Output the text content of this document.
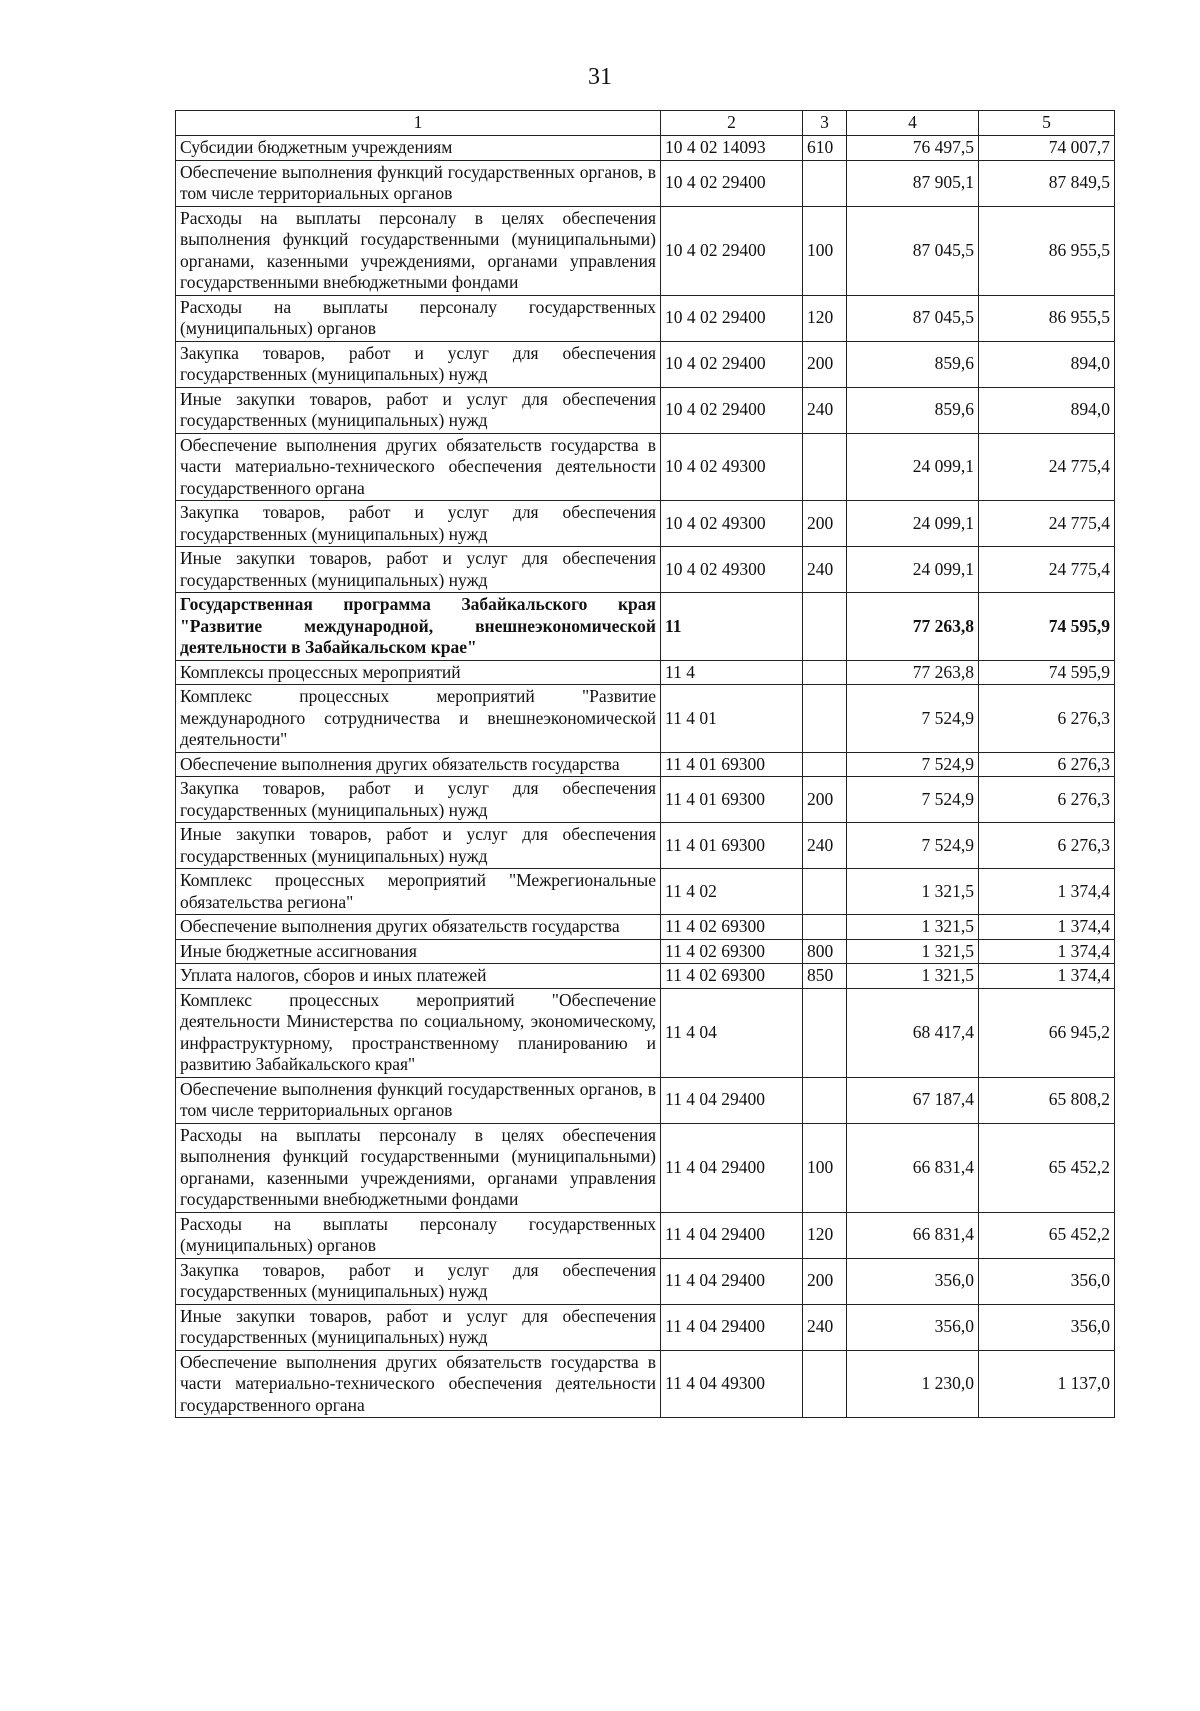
31
1	2	3	4	5
Субсидии бюджетным учреждениям	10 4 02 14093	610	76 497,5	74 007,7
Обеспечение выполнения функций государственных органов, в том числе территориальных органов	10 4 02 29400		87 905,1	87 849,5
Расходы на выплаты персоналу в целях обеспечения выполнения функций государственными (муниципальными) органами, казенными учреждениями, органами управления государственными внебюджетными фондами	10 4 02 29400	100	87 045,5	86 955,5
Расходы на выплаты персоналу государственных (муниципальных) органов	10 4 02 29400	120	87 045,5	86 955,5
Закупка товаров, работ и услуг для обеспечения государственных (муниципальных) нужд	10 4 02 29400	200	859,6	894,0
Иные закупки товаров, работ и услуг для обеспечения государственных (муниципальных) нужд	10 4 02 29400	240	859,6	894,0
Обеспечение выполнения других обязательств государства в части материально-технического обеспечения деятельности государственного органа	10 4 02 49300		24 099,1	24 775,4
Закупка товаров, работ и услуг для обеспечения государственных (муниципальных) нужд	10 4 02 49300	200	24 099,1	24 775,4
Иные закупки товаров, работ и услуг для обеспечения государственных (муниципальных) нужд	10 4 02 49300	240	24 099,1	24 775,4
Государственная программа Забайкальского края "Развитие международной, внешнеэкономической деятельности в Забайкальском крае"	11		77 263,8	74 595,9
Комплексы процессных мероприятий	11 4		77 263,8	74 595,9
Комплекс процессных мероприятий "Развитие международного сотрудничества и внешнеэкономической деятельности"	11 4 01		7 524,9	6 276,3
Обеспечение выполнения других обязательств государства	11 4 01 69300		7 524,9	6 276,3
Закупка товаров, работ и услуг для обеспечения государственных (муниципальных) нужд	11 4 01 69300	200	7 524,9	6 276,3
Иные закупки товаров, работ и услуг для обеспечения государственных (муниципальных) нужд	11 4 01 69300	240	7 524,9	6 276,3
Комплекс процессных мероприятий "Межрегиональные обязательства региона"	11 4 02		1 321,5	1 374,4
Обеспечение выполнения других обязательств государства	11 4 02 69300		1 321,5	1 374,4
Иные бюджетные ассигнования	11 4 02 69300	800	1 321,5	1 374,4
Уплата налогов, сборов и иных платежей	11 4 02 69300	850	1 321,5	1 374,4
Комплекс процессных мероприятий "Обеспечение деятельности Министерства по социальному, экономическому, инфраструктурному, пространственному планированию и развитию Забайкальского края"	11 4 04		68 417,4	66 945,2
Обеспечение выполнения функций государственных органов, в том числе территориальных органов	11 4 04 29400		67 187,4	65 808,2
Расходы на выплаты персоналу в целях обеспечения выполнения функций государственными (муниципальными) органами, казенными учреждениями, органами управления государственными внебюджетными фондами	11 4 04 29400	100	66 831,4	65 452,2
Расходы на выплаты персоналу государственных (муниципальных) органов	11 4 04 29400	120	66 831,4	65 452,2
Закупка товаров, работ и услуг для обеспечения государственных (муниципальных) нужд	11 4 04 29400	200	356,0	356,0
Иные закупки товаров, работ и услуг для обеспечения государственных (муниципальных) нужд	11 4 04 29400	240	356,0	356,0
Обеспечение выполнения других обязательств государства в части материально-технического обеспечения деятельности государственного органа	11 4 04 49300		1 230,0	1 137,0
